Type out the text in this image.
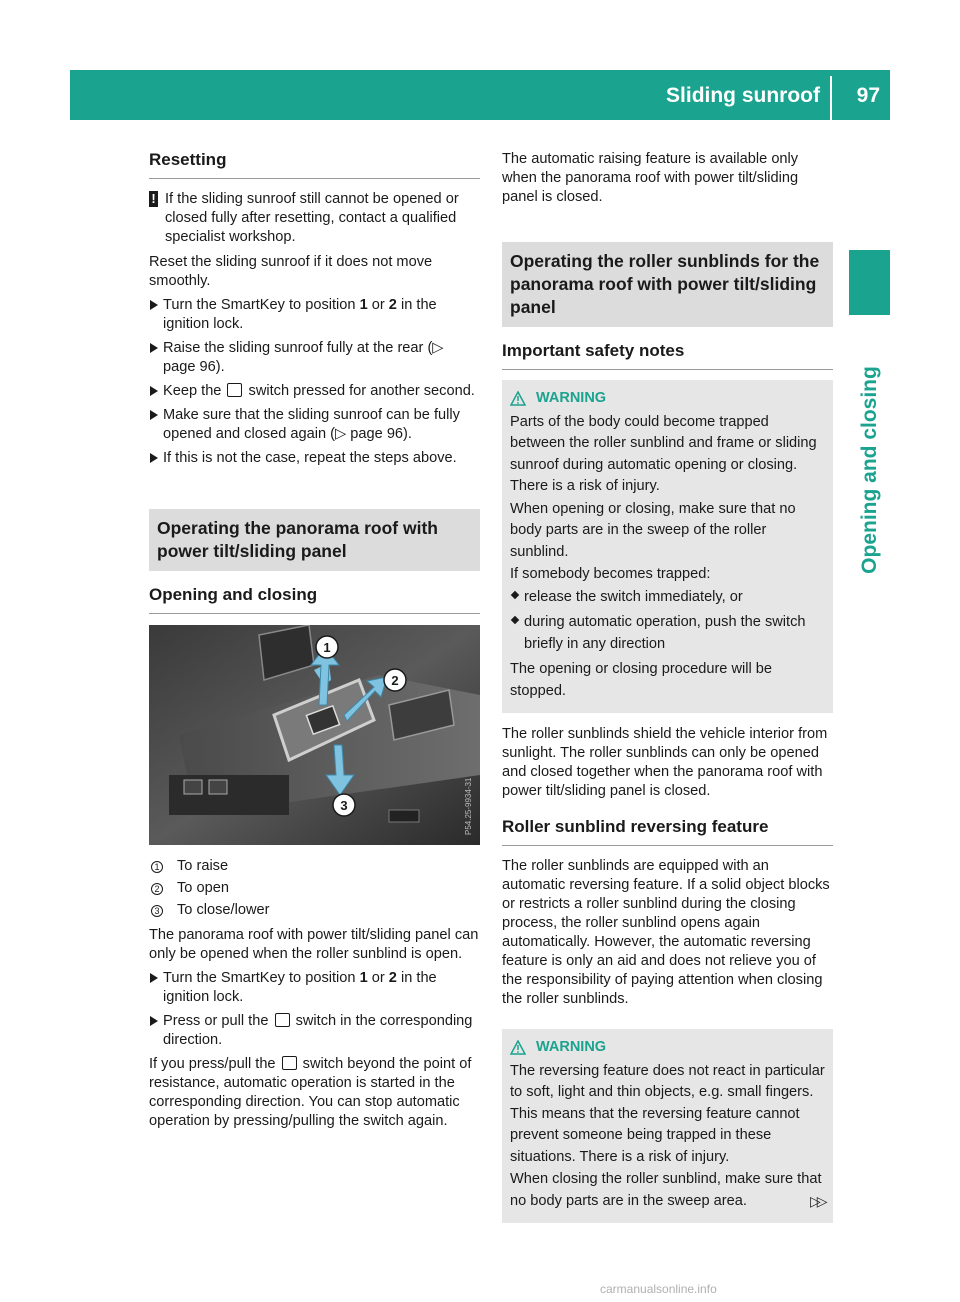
Sliding sunroof 97
Opening and closing
Resetting
! If the sliding sunroof still cannot be opened or closed fully after resetting, contact a qualified specialist workshop.

Reset the sliding sunroof if it does not move smoothly.

Turn the SmartKey to position 1 or 2 in the ignition lock.
Raise the sliding sunroof fully at the rear (▷ page 96).
Keep the  switch pressed for another second.
Make sure that the sliding sunroof can be fully opened and closed again (▷ page 96).
If this is not the case, repeat the steps above.
Operating the panorama roof with power tilt/sliding panel
Opening and closing
1
2
3	P54.25-9934-31
1 To raise
2 To open
3 To close/lower

The panorama roof with power tilt/sliding panel can only be opened when the roller sunblind is open.

Turn the SmartKey to position 1 or 2 in the ignition lock.
Press or pull the  switch in the corresponding direction.

If you press/pull the  switch beyond the point of resistance, automatic operation is started in the corresponding direction. You can stop automatic operation by pressing/pulling the switch again.

The automatic raising feature is available only when the panorama roof with power tilt/sliding panel is closed.

Operating the roller sunblinds for the panorama roof with power tilt/sliding panel
Important safety notes
WARNING

Parts of the body could become trapped between the roller sunblind and frame or sliding sunroof during automatic opening or closing. There is a risk of injury.

When opening or closing, make sure that no body parts are in the sweep of the roller sunblind.

If somebody becomes trapped:

release the switch immediately, or
during automatic operation, push the switch briefly in any direction

The opening or closing procedure will be stopped.

The roller sunblinds shield the vehicle interior from sunlight. The roller sunblinds can only be opened and closed together when the panorama roof with power tilt/sliding panel is closed.

Roller sunblind reversing feature

The roller sunblinds are equipped with an automatic reversing feature. If a solid object blocks or restricts a roller sunblind during the closing process, the roller sunblind opens again automatically. However, the automatic reversing feature is only an aid and does not relieve you of the responsibility of paying attention when closing the roller sunblinds.

WARNING

The reversing feature does not react in particular to soft, light and thin objects, e.g. small fingers. This means that the reversing feature cannot prevent someone being trapped in these situations. There is a risk of injury.

When closing the roller sunblind, make sure that no body parts are in the sweep area.	▷▷
carmanualsonline.info
